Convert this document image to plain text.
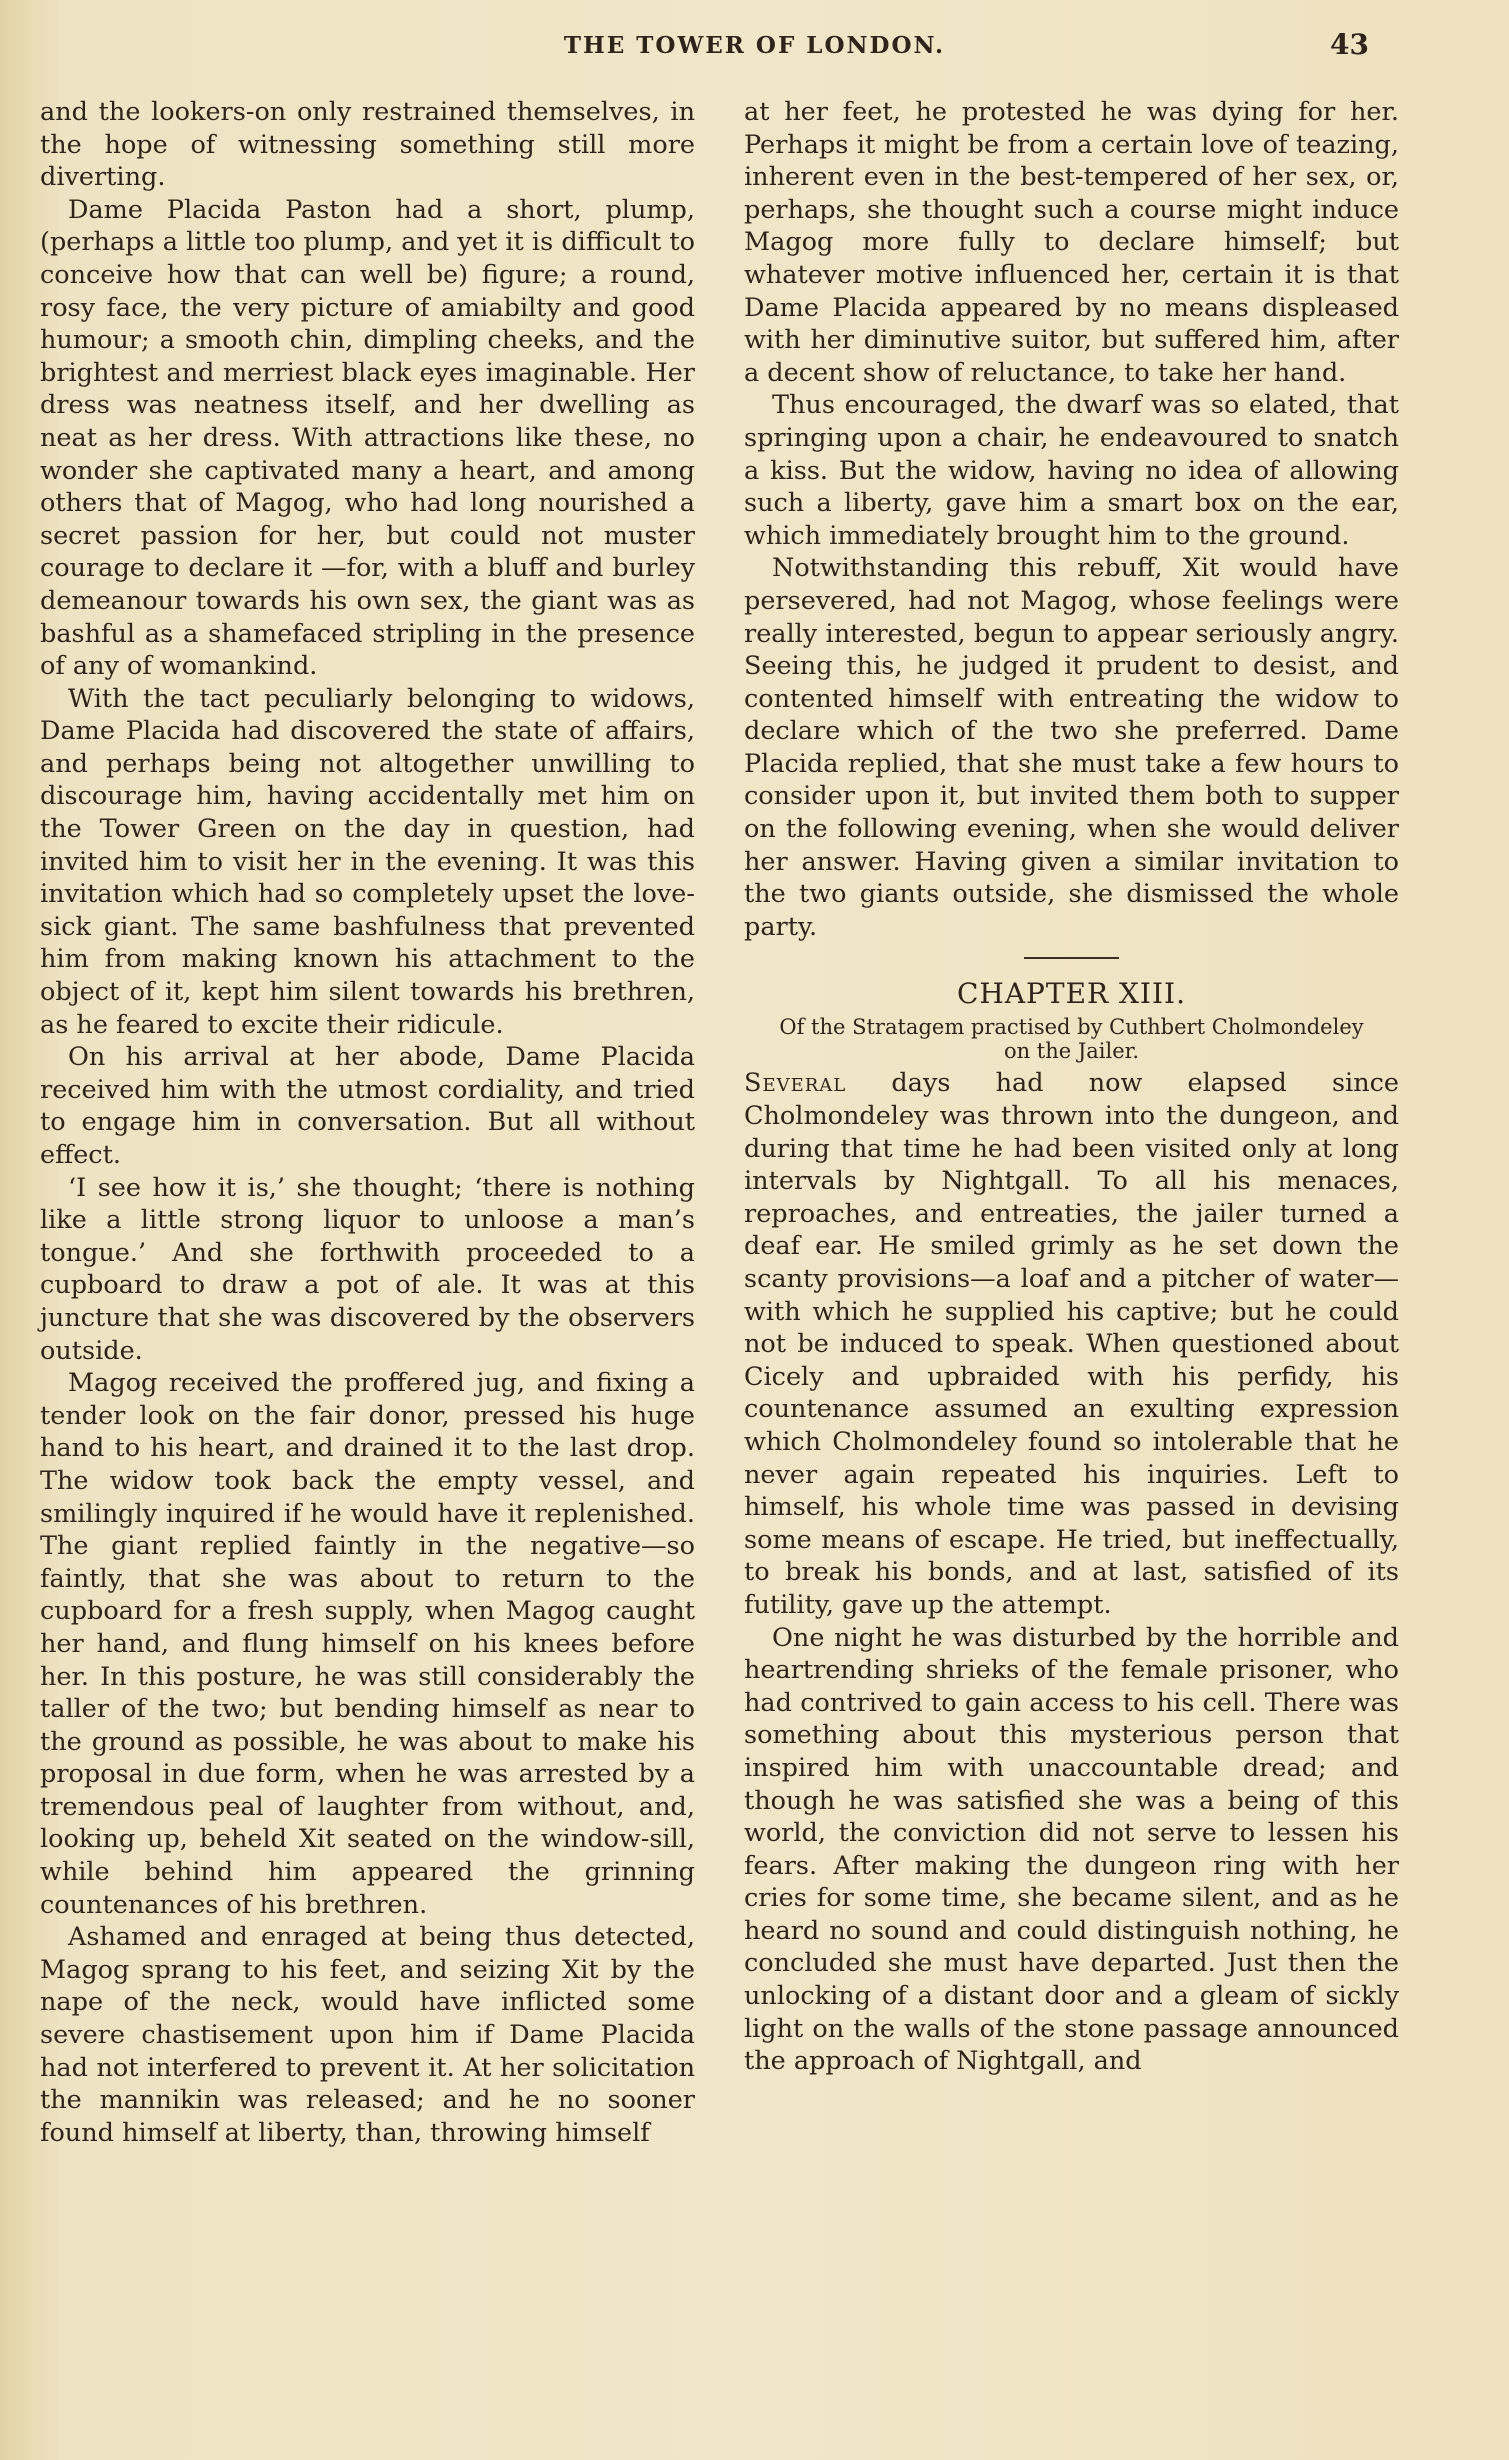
THE TOWER OF LONDON.	43

and the lookers-on only restrained themselves, in the hope of witnessing something still more diverting.

Dame Placida Paston had a short, plump, (perhaps a little too plump, and yet it is difficult to conceive how that can well be) figure; a round, rosy face, the very picture of amiabilty and good humour; a smooth chin, dimpling cheeks, and the brightest and merriest black eyes imaginable. Her dress was neatness itself, and her dwelling as neat as her dress. With attractions like these, no wonder she captivated many a heart, and among others that of Magog, who had long nourished a secret passion for her, but could not muster courage to declare it —for, with a bluff and burley demeanour towards his own sex, the giant was as bashful as a shamefaced stripling in the presence of any of womankind.

With the tact peculiarly belonging to widows, Dame Placida had discovered the state of affairs, and perhaps being not altogether unwilling to discourage him, having accidentally met him on the Tower Green on the day in question, had invited him to visit her in the evening. It was this invitation which had so completely upset the love-sick giant. The same bashfulness that prevented him from making known his attachment to the object of it, kept him silent towards his brethren, as he feared to excite their ridicule.

On his arrival at her abode, Dame Placida received him with the utmost cordiality, and tried to engage him in conversation. But all without effect.

‘I see how it is,’ she thought; ‘there is nothing like a little strong liquor to unloose a man’s tongue.’ And she forthwith proceeded to a cupboard to draw a pot of ale. It was at this juncture that she was discovered by the observers outside.

Magog received the proffered jug, and fixing a tender look on the fair donor, pressed his huge hand to his heart, and drained it to the last drop. The widow took back the empty vessel, and smilingly inquired if he would have it replenished. The giant replied faintly in the negative—so faintly, that she was about to return to the cupboard for a fresh supply, when Magog caught her hand, and flung himself on his knees before her. In this posture, he was still considerably the taller of the two; but bending himself as near to the ground as possible, he was about to make his proposal in due form, when he was arrested by a tremendous peal of laughter from without, and, looking up, beheld Xit seated on the window-sill, while behind him appeared the grinning countenances of his brethren.

Ashamed and enraged at being thus detected, Magog sprang to his feet, and seizing Xit by the nape of the neck, would have inflicted some severe chastisement upon him if Dame Placida had not interfered to prevent it. At her solicitation the mannikin was released; and he no sooner found himself at liberty, than, throwing himself

at her feet, he protested he was dying for her. Perhaps it might be from a certain love of teazing, inherent even in the best-tempered of her sex, or, perhaps, she thought such a course might induce Magog more fully to declare himself; but whatever motive influenced her, certain it is that Dame Placida appeared by no means displeased with her diminutive suitor, but suffered him, after a decent show of reluctance, to take her hand.

Thus encouraged, the dwarf was so elated, that springing upon a chair, he endeavoured to snatch a kiss. But the widow, having no idea of allowing such a liberty, gave him a smart box on the ear, which immediately brought him to the ground.

Notwithstanding this rebuff, Xit would have persevered, had not Magog, whose feelings were really interested, begun to appear seriously angry. Seeing this, he judged it prudent to desist, and contented himself with entreating the widow to declare which of the two she preferred. Dame Placida replied, that she must take a few hours to consider upon it, but invited them both to supper on the following evening, when she would deliver her answer. Having given a similar invitation to the two giants outside, she dismissed the whole party.

CHAPTER XIII.
Of the Stratagem practised by Cuthbert Cholmondeley on the Jailer.

Several days had now elapsed since Cholmondeley was thrown into the dungeon, and during that time he had been visited only at long intervals by Nightgall. To all his menaces, reproaches, and entreaties, the jailer turned a deaf ear. He smiled grimly as he set down the scanty provisions—a loaf and a pitcher of water—with which he supplied his captive; but he could not be induced to speak. When questioned about Cicely and upbraided with his perfidy, his countenance assumed an exulting expression which Cholmondeley found so intolerable that he never again repeated his inquiries. Left to himself, his whole time was passed in devising some means of escape. He tried, but ineffectually, to break his bonds, and at last, satisfied of its futility, gave up the attempt.

One night he was disturbed by the horrible and heartrending shrieks of the female prisoner, who had contrived to gain access to his cell. There was something about this mysterious person that inspired him with unaccountable dread; and though he was satisfied she was a being of this world, the conviction did not serve to lessen his fears. After making the dungeon ring with her cries for some time, she became silent, and as he heard no sound and could distinguish nothing, he concluded she must have departed. Just then the unlocking of a distant door and a gleam of sickly light on the walls of the stone passage announced the approach of Nightgall, and
